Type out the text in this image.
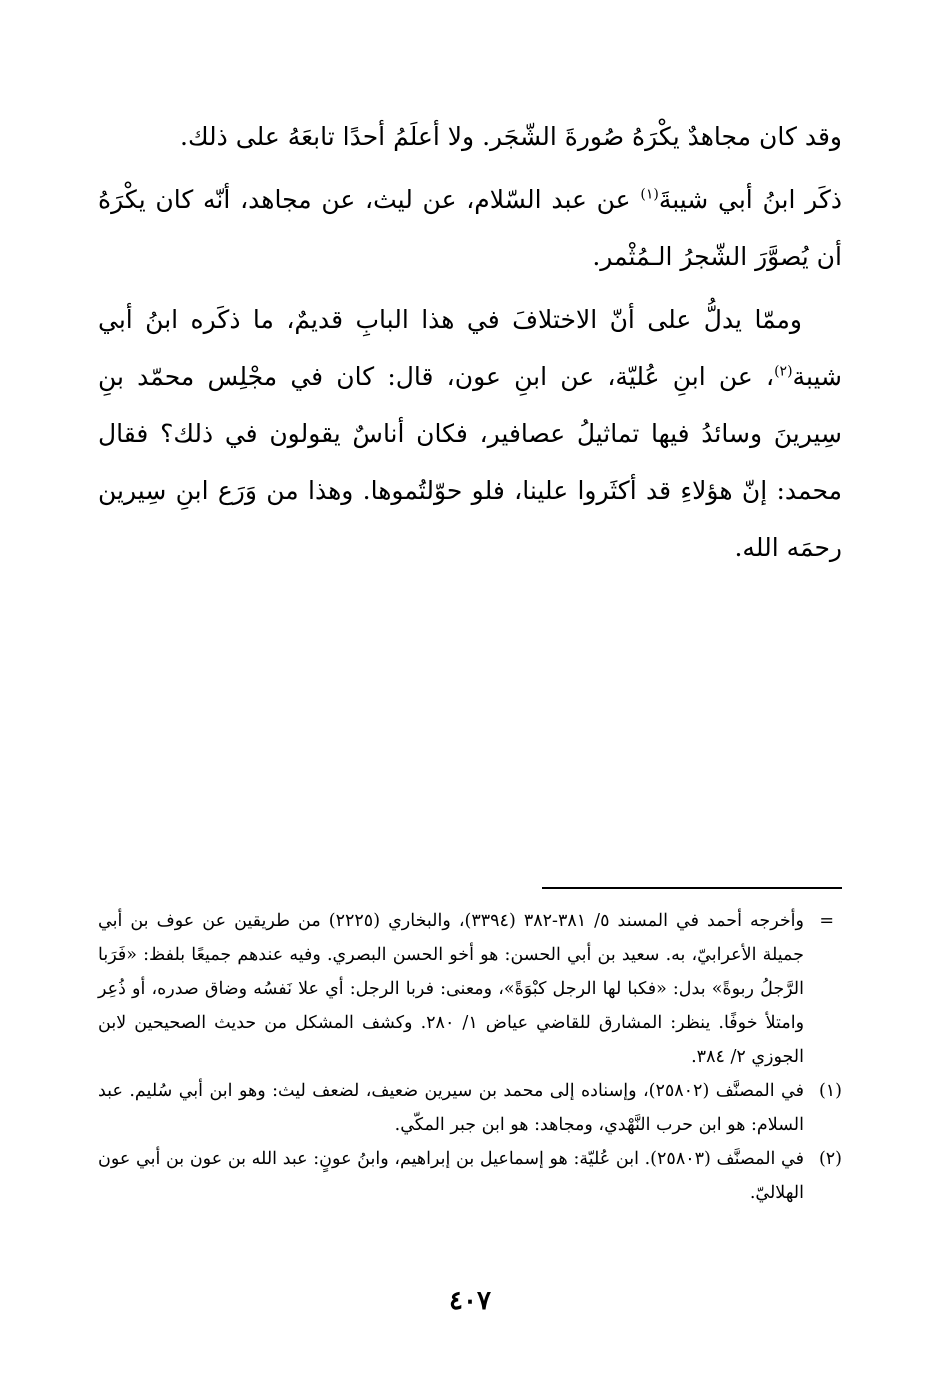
وقد كان مجاهدٌ يكْرَهُ صُورةَ الشّجَر. ولا أعلَمُ أحدًا تابعَهُ على ذلك.

ذكَر ابنُ أبي شيبةَ$^{(١)}$ عن عبد السّلام، عن ليث، عن مجاهد، أنّه كان يكْرَهُ أن يُصوَّرَ الشّجرُ الـمُثْمر.

وممّا يدلُّ على أنّ الاختلافَ في هذا البابِ قديمٌ، ما ذكَره ابنُ أبي شيبة$^{(٢)}$، عن ابنِ عُليّة، عن ابنِ عون، قال: كان في مجْلِس محمّد بنِ سِيرينَ وسائدُ فيها تماثيلُ عصافير، فكان أناسٌ يقولون في ذلك؟ فقال محمد: إنّ هؤلاءِ قد أكثَروا علينا، فلو حوّلتُموها. وهذا من وَرَع ابنِ سِيرين رحمَه الله.

=
وأخرجه أحمد في المسند ٥/ ٣٨١-٣٨٢ (٣٣٩٤)، والبخاري (٢٢٢٥) من طريقين عن عوف بن أبي جميلة الأعرابيّ، به. سعيد بن أبي الحسن: هو أخو الحسن البصري. وفيه عندهم جميعًا بلفظ: «فَرَبا الرَّجلُ ربوةً» بدل: «فكبا لها الرجل كبْوَةً»، ومعنى: فربا الرجل: أي علا نَفسُه وضاق صدره، أو ذُعِر وامتلأ خوفًا. ينظر: المشارق للقاضي عياض ١/ ٢٨٠. وكشف المشكل من حديث الصحيحين لابن الجوزي ٢/ ٣٨٤.

(١)
في المصنَّف (٢٥٨٠٢)، وإسناده إلى محمد بن سيرين ضعيف، لضعف ليث: وهو ابن أبي سُليم. عبد السلام: هو ابن حرب النَّهْدي، ومجاهد: هو ابن جبر المكّي.

(٢)
في المصنَّف (٢٥٨٠٣). ابن عُليّة: هو إسماعيل بن إبراهيم، وابنُ عونٍ: عبد الله بن عون بن أبي عون الهلاليّ.

٤٠٧
